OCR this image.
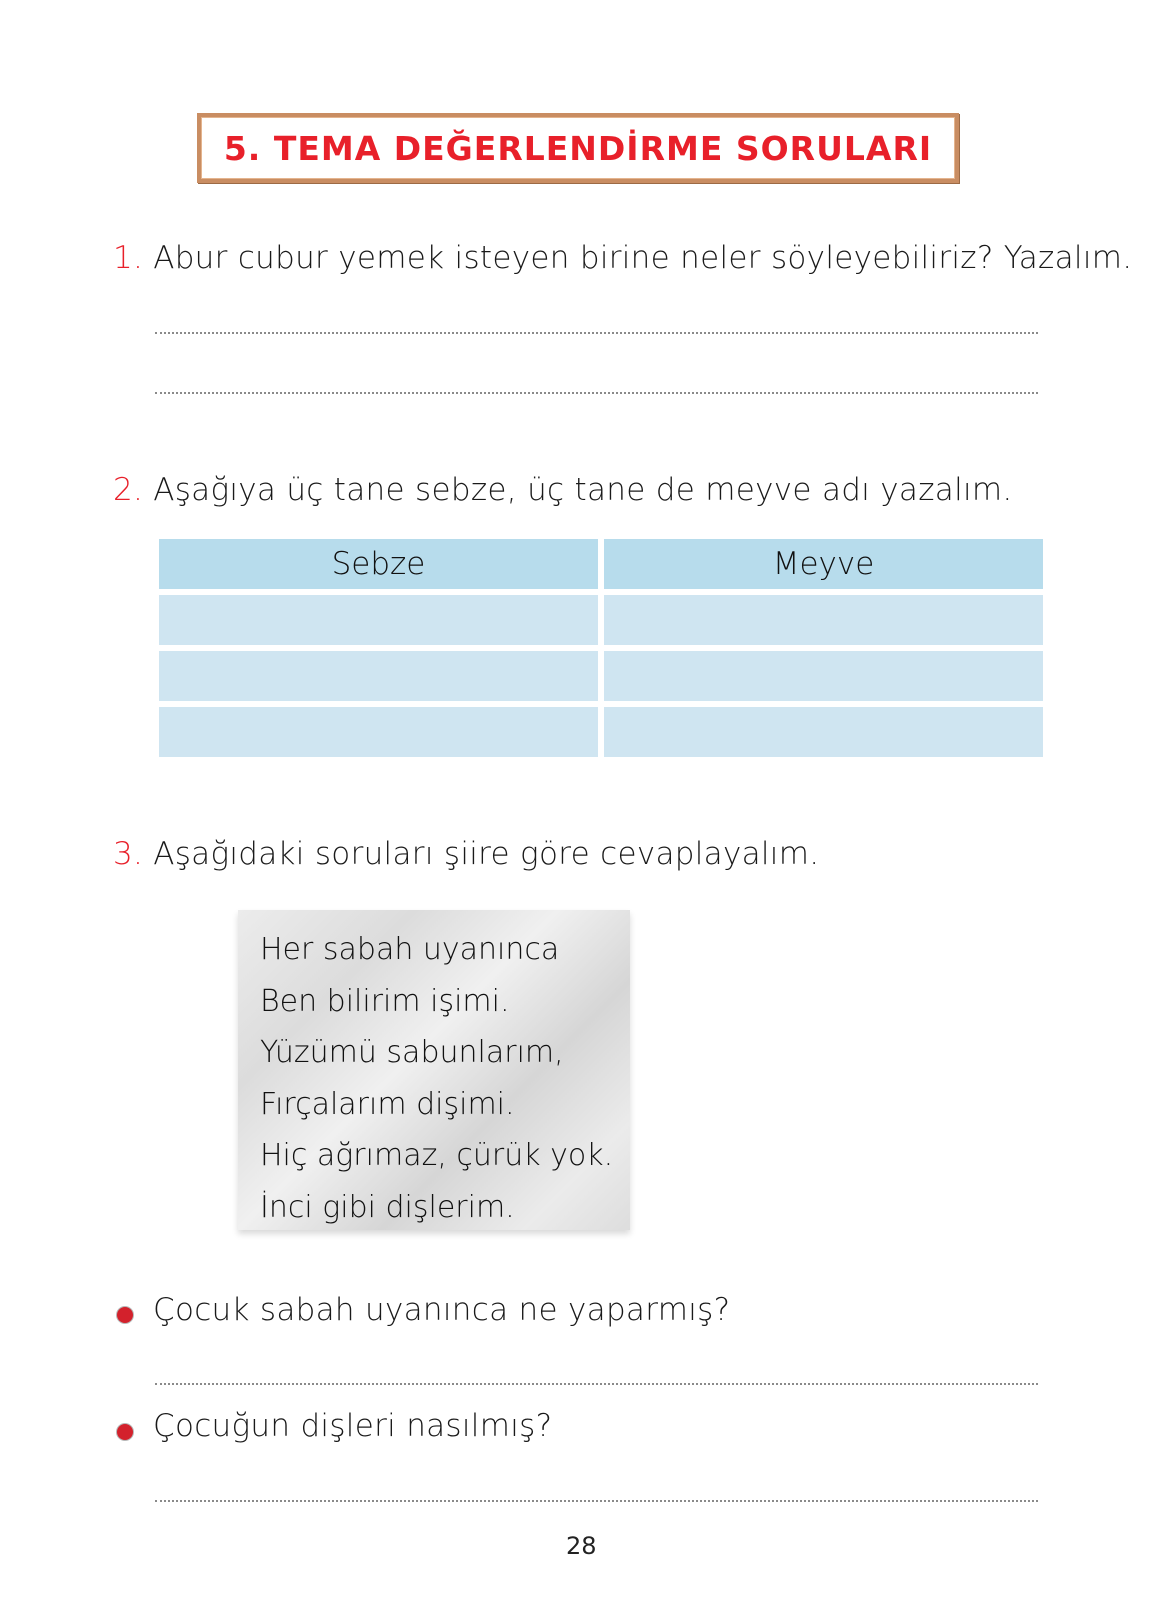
5. TEMA DEĞERLENDİRME SORULARI
1. Abur cubur yemek isteyen birine neler söyleyebiliriz? Yazalım.
2. Aşağıya üç tane sebze, üç tane de meyve adı yazalım.
Sebze	Meyve
3. Aşağıdaki soruları şiire göre cevaplayalım.
Her sabah uyanınca
Ben bilirim işimi.
Yüzümü sabunlarım,
Fırçalarım dişimi.
Hiç ağrımaz, çürük yok.
İnci gibi dişlerim.
Çocuk sabah uyanınca ne yaparmış?
Çocuğun dişleri nasılmış?
28
